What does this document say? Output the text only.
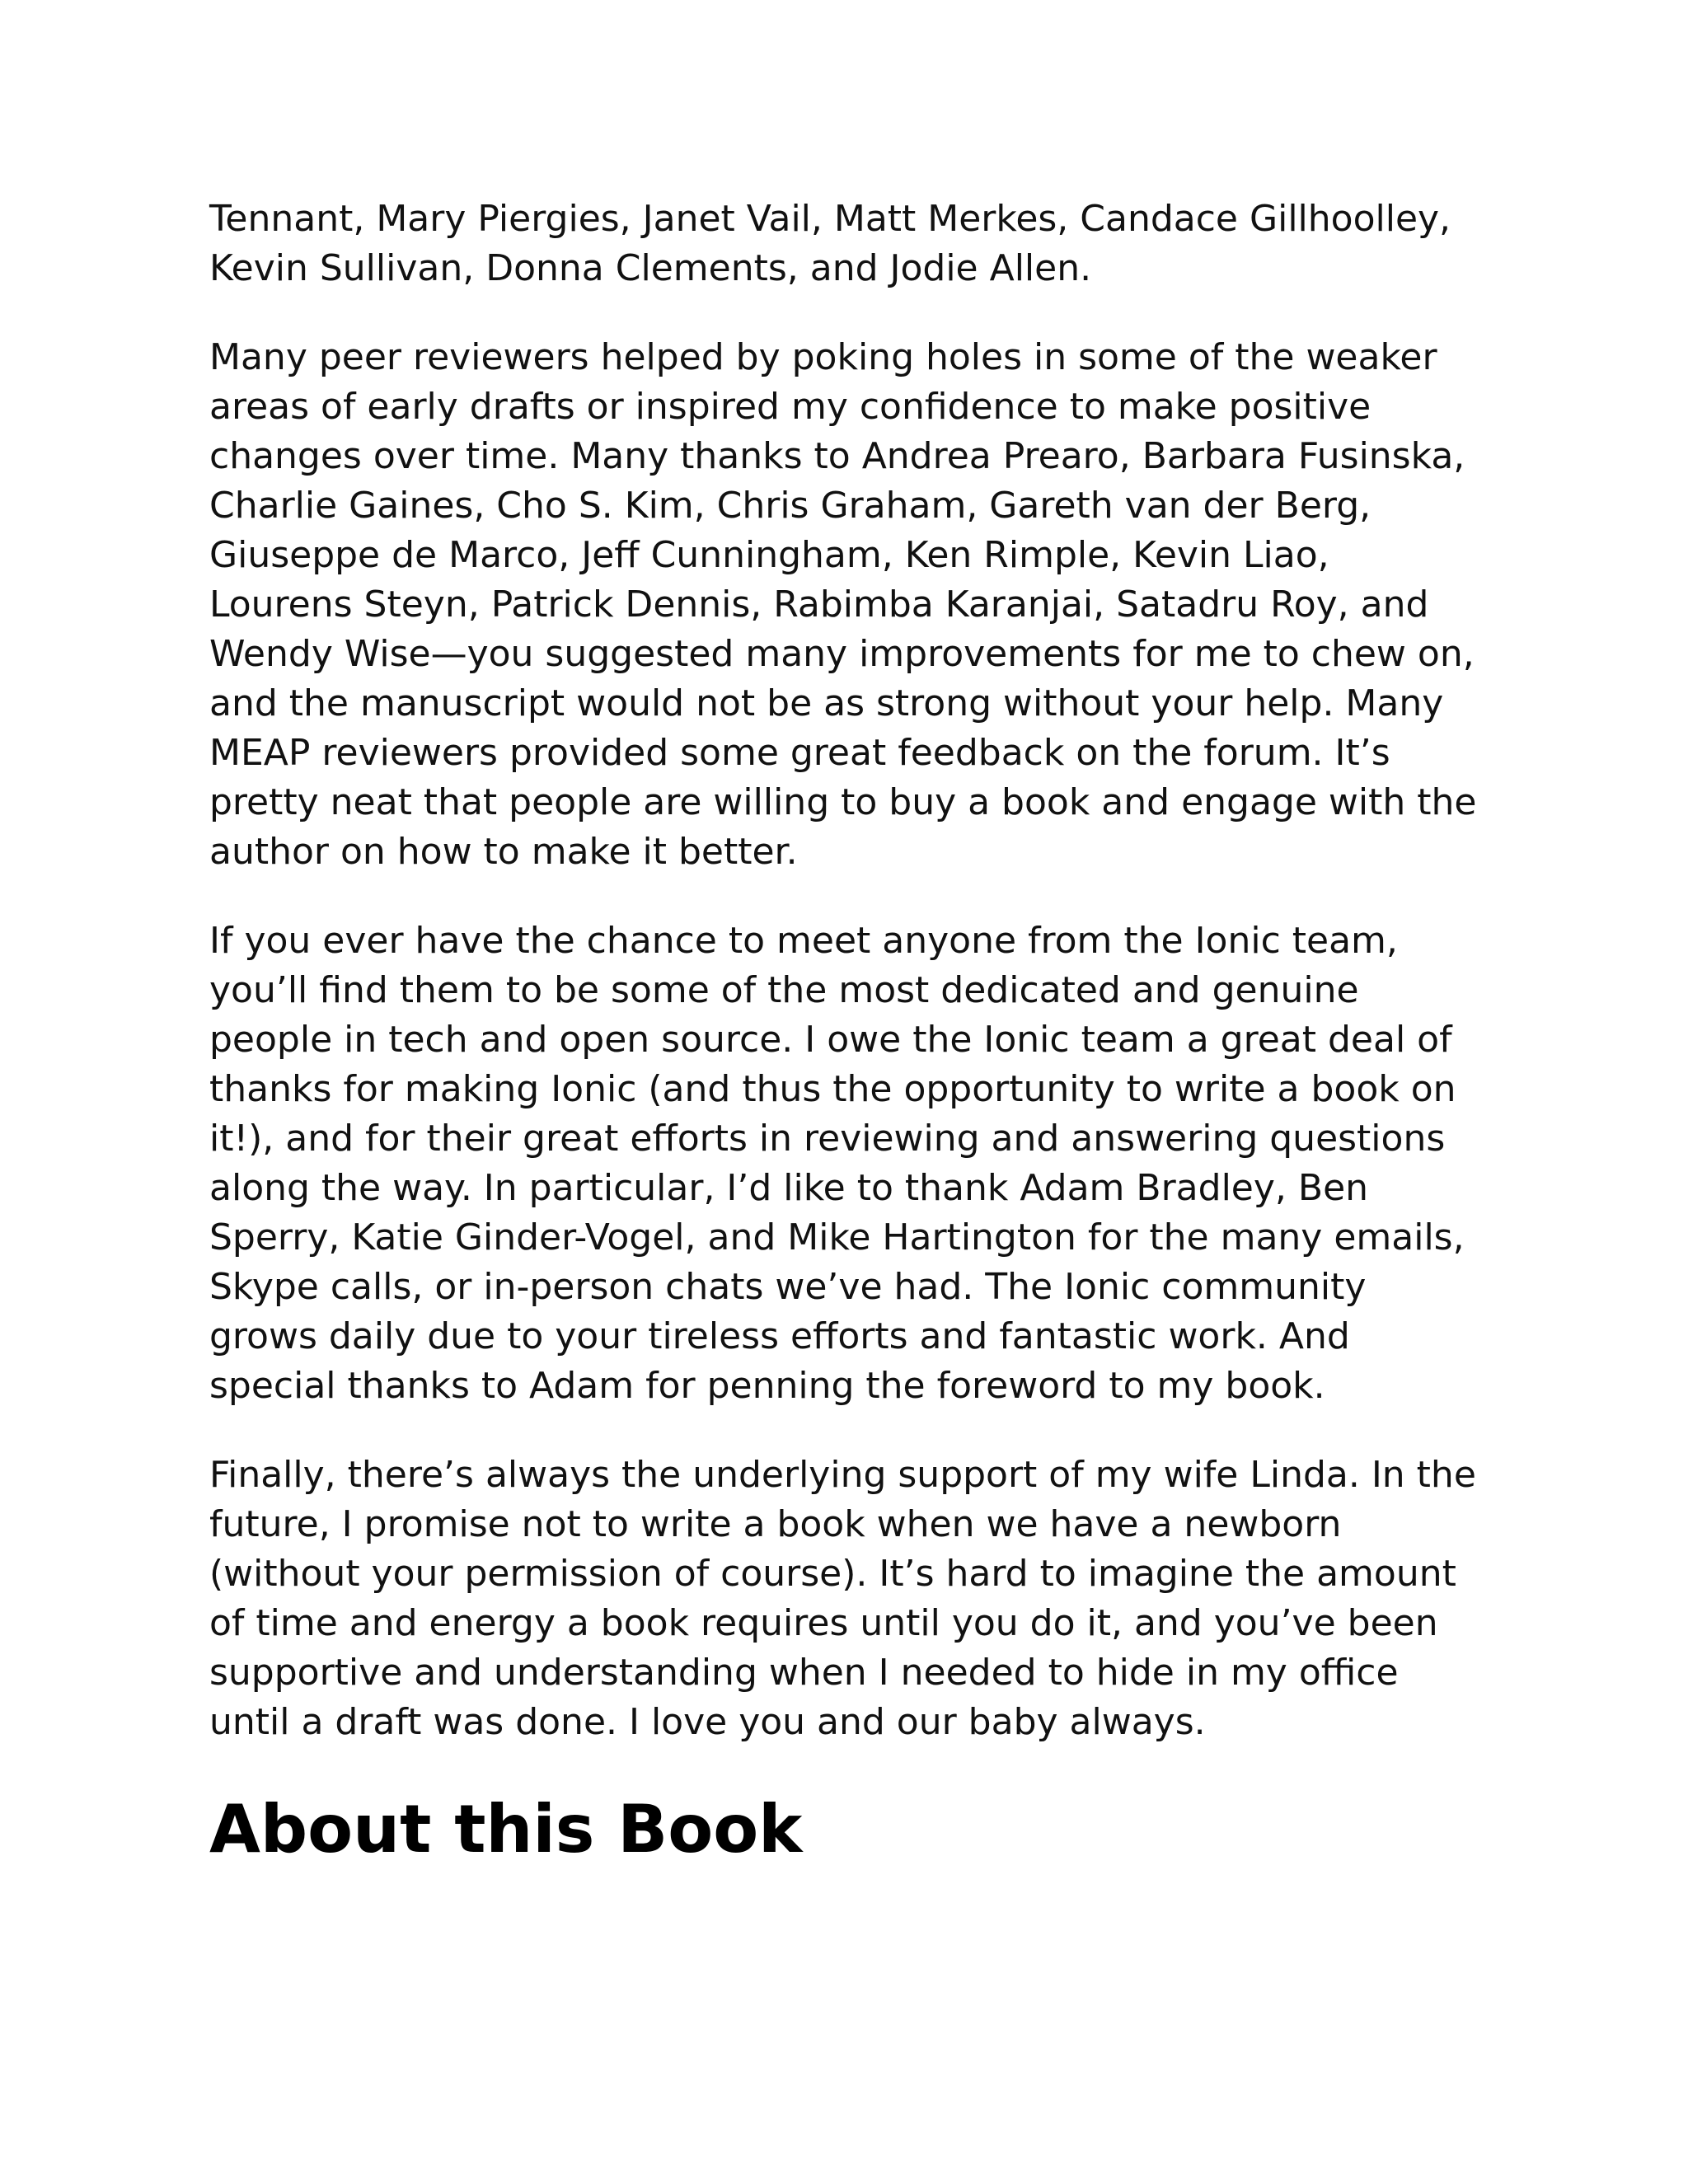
Tennant, Mary Piergies, Janet Vail, Matt Merkes, Candace Gillhoolley, Kevin Sullivan, Donna Clements, and Jodie Allen.

Many peer reviewers helped by poking holes in some of the weaker areas of early drafts or inspired my confidence to make positive changes over time. Many thanks to Andrea Prearo, Barbara Fusinska, Charlie Gaines, Cho S. Kim, Chris Graham, Gareth van der Berg, Giuseppe de Marco, Jeff Cunningham, Ken Rimple, Kevin Liao, Lourens Steyn, Patrick Dennis, Rabimba Karanjai, Satadru Roy, and Wendy Wise—you suggested many improvements for me to chew on, and the manuscript would not be as strong without your help. Many MEAP reviewers provided some great feedback on the forum. It’s pretty neat that people are willing to buy a book and engage with the author on how to make it better.

If you ever have the chance to meet anyone from the Ionic team, you’ll find them to be some of the most dedicated and genuine people in tech and open source. I owe the Ionic team a great deal of thanks for making Ionic (and thus the opportunity to write a book on it!), and for their great efforts in reviewing and answering questions along the way. In particular, I’d like to thank Adam Bradley, Ben Sperry, Katie Ginder-Vogel, and Mike Hartington for the many emails, Skype calls, or in-person chats we’ve had. The Ionic community grows daily due to your tireless efforts and fantastic work. And special thanks to Adam for penning the foreword to my book.

Finally, there’s always the underlying support of my wife Linda. In the future, I promise not to write a book when we have a newborn (without your permission of course). It’s hard to imagine the amount of time and energy a book requires until you do it, and you’ve been supportive and understanding when I needed to hide in my office until a draft was done. I love you and our baby always.

About this Book
